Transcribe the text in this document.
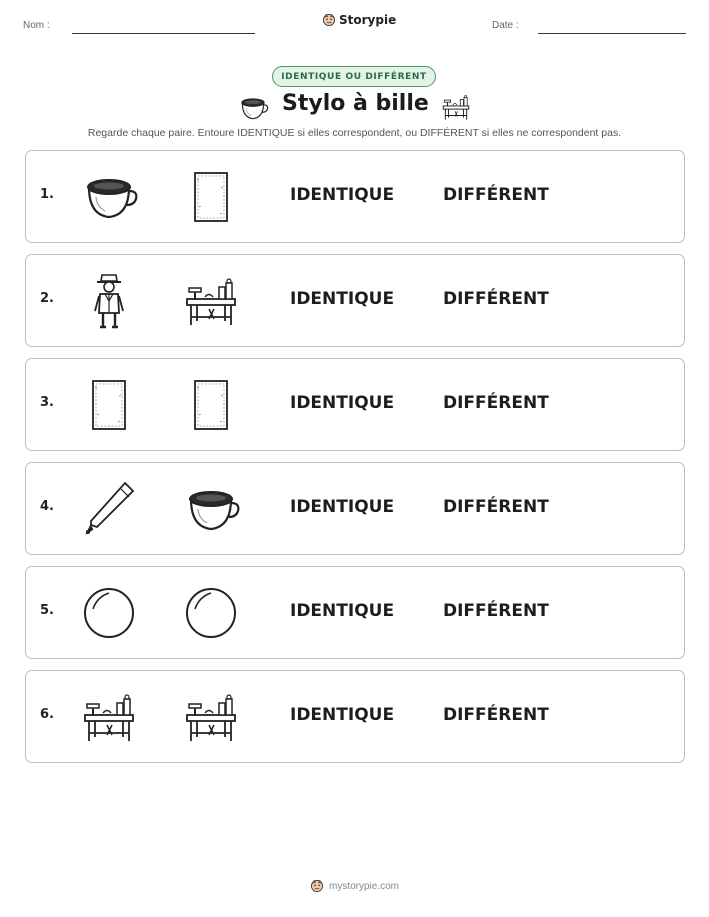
Nom :	Storypie	Date :
IDENTIQUE OU DIFFÉRENT
Stylo à bille
Regarde chaque paire. Entoure IDENTIQUE si elles correspondent, ou DIFFÉRENT si elles ne correspondent pas.
1.	IDENTIQUE	DIFFÉRENT
2.	IDENTIQUE	DIFFÉRENT
3.	IDENTIQUE	DIFFÉRENT
4.	IDENTIQUE	DIFFÉRENT
5.	IDENTIQUE	DIFFÉRENT
6.	IDENTIQUE	DIFFÉRENT
mystorypie.com
